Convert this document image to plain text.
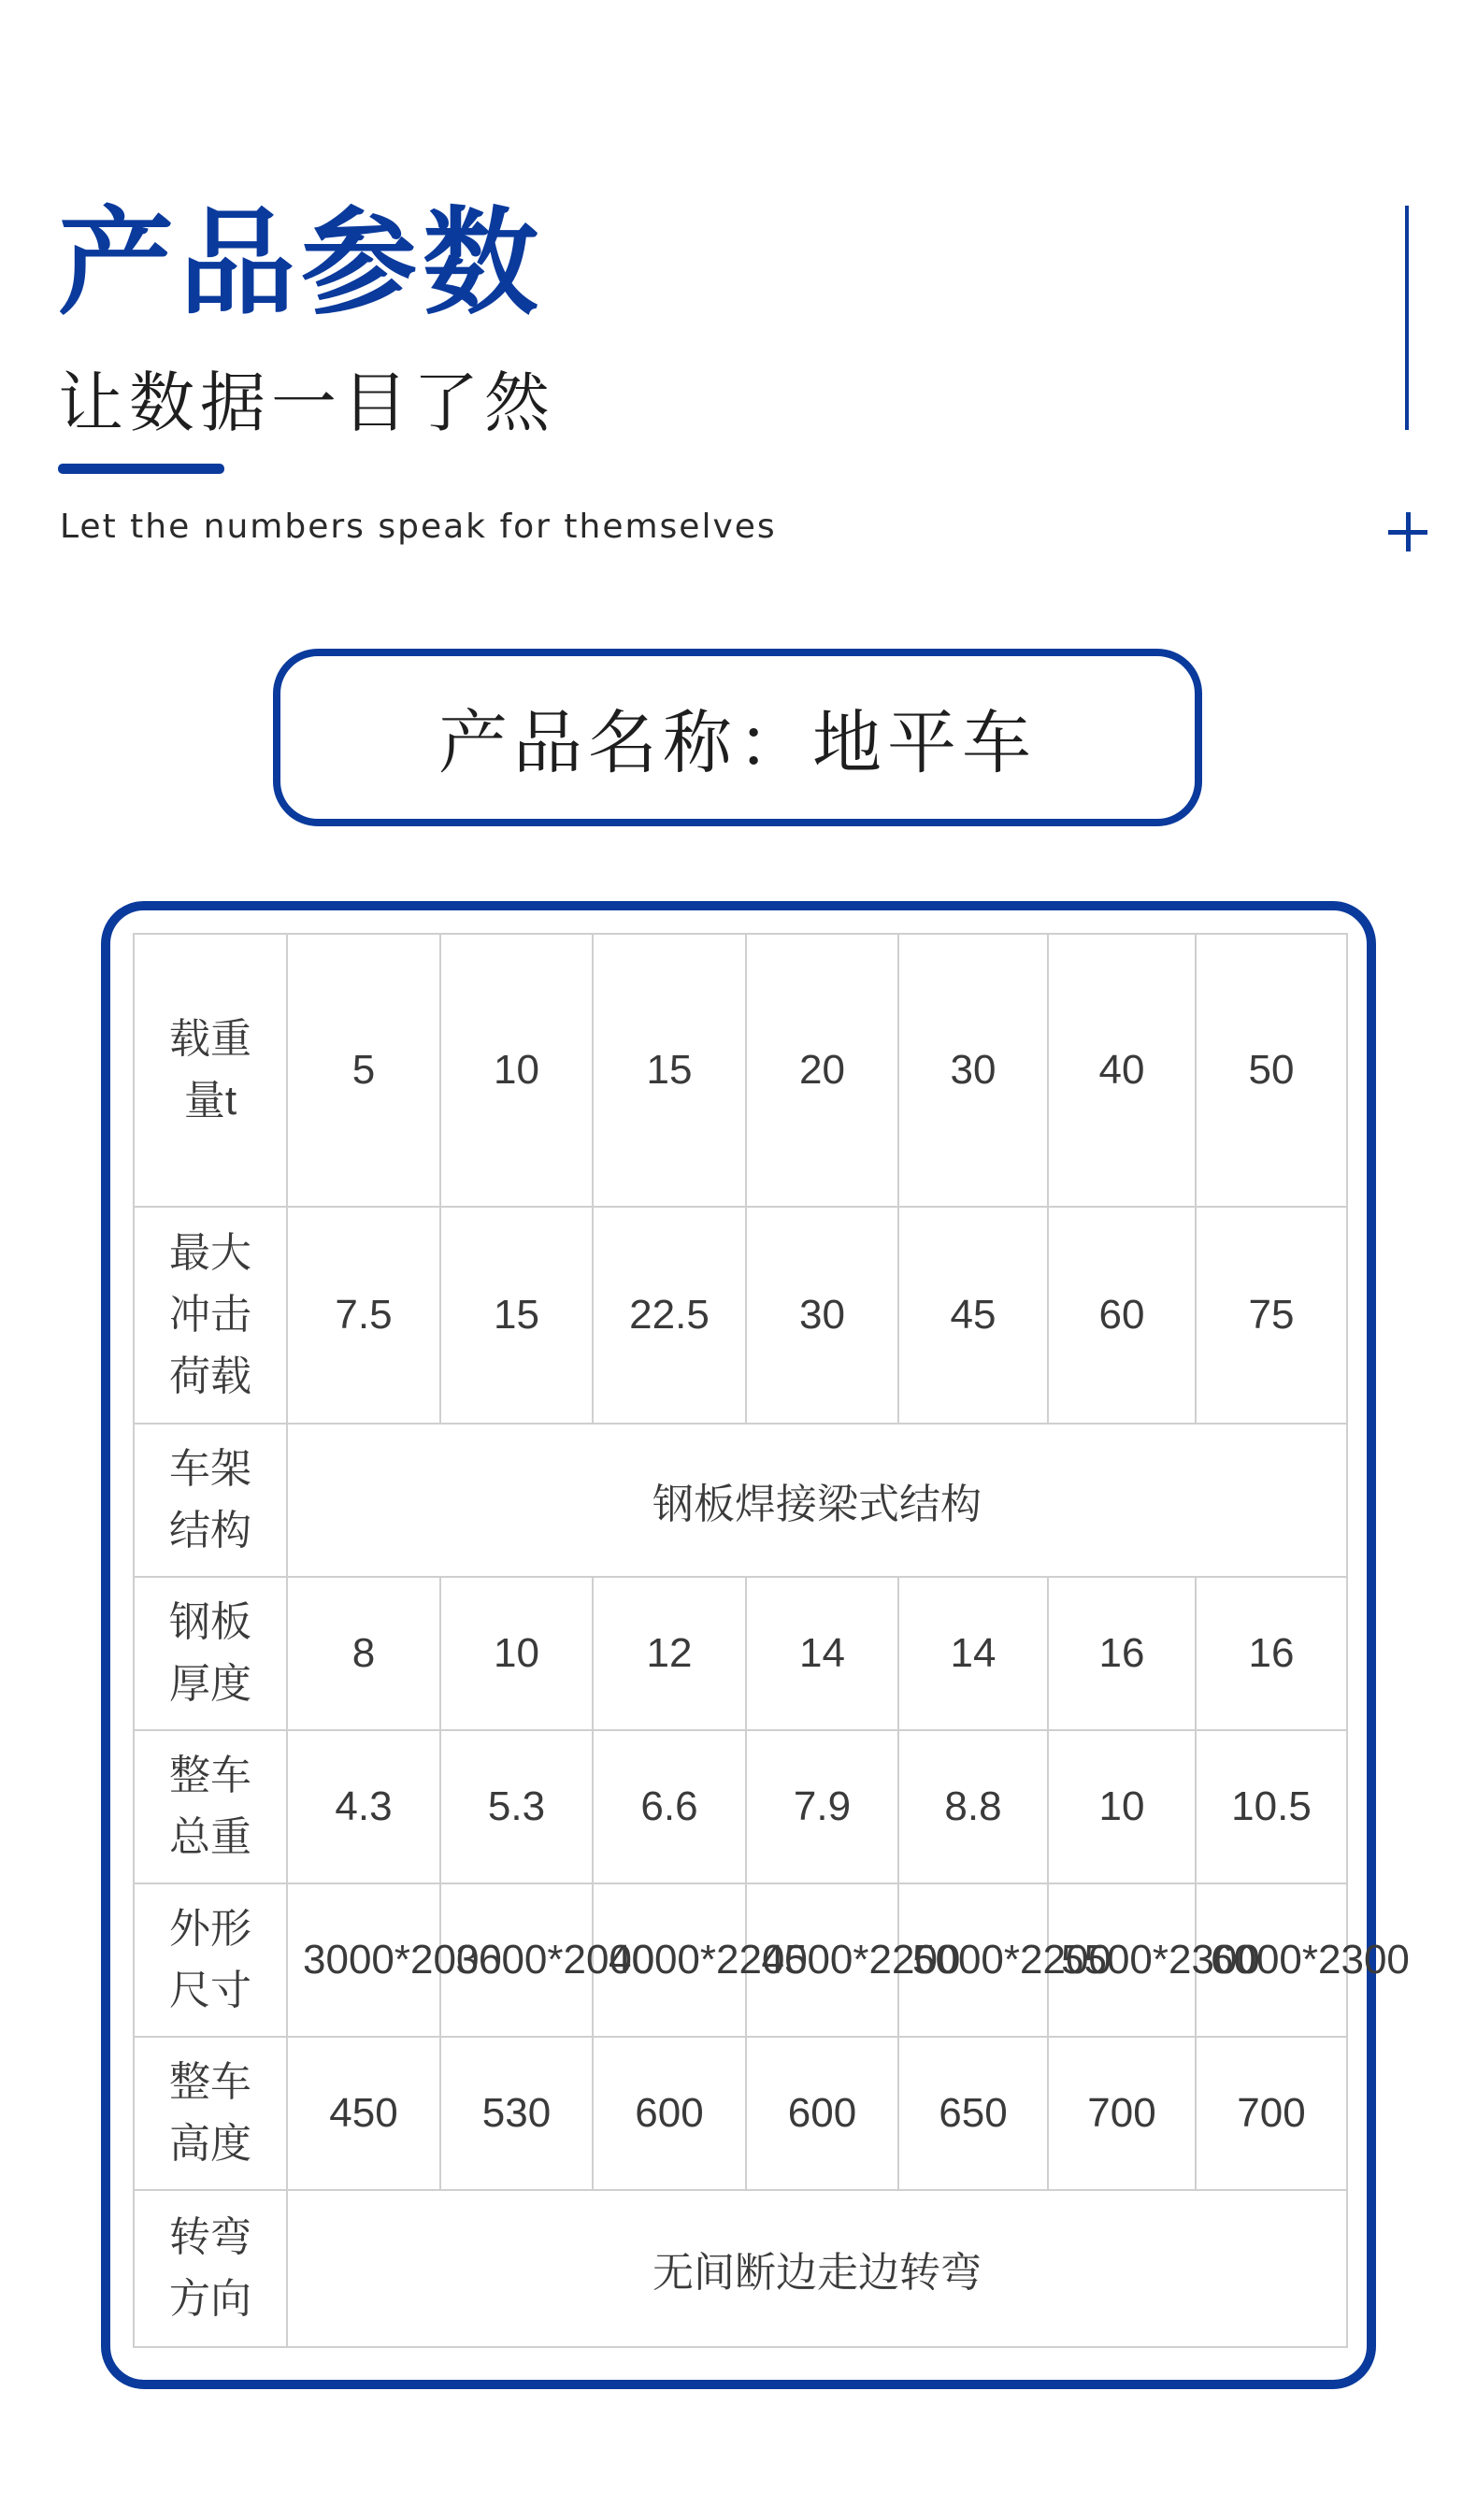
产品参数
让数据一目了然
Let the numbers speak for themselves
产品名称：地平车
载重量t	5	10	15	20	30	40	50
最大冲击荷载	7.5	15	22.5	30	45	60	75
车架结构	钢板焊接梁式结构						
钢板厚度	8	10	12	14	14	16	16
整车总重	4.3	5.3	6.6	7.9	8.8	10	10.5
外形尺寸	3000*2000	3600*2000	4000*2200	4500*2200	5000*2200	5500*2300	6000*2300
整车高度	450	530	600	600	650	700	700
转弯方向	无间断边走边转弯						
